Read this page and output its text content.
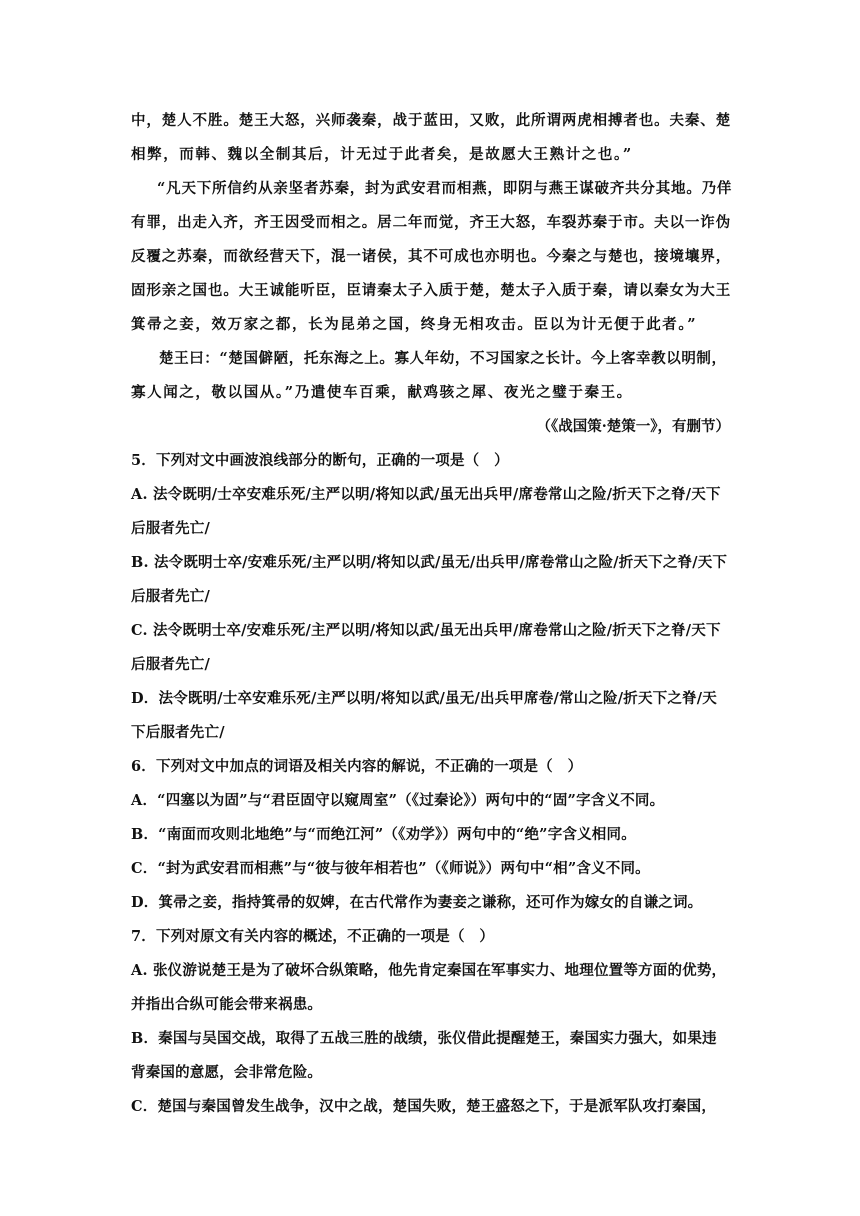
中，楚人不胜。楚王大怒，兴师袭秦，战于蓝田，又败，此所谓两虎相搏者也。夫秦、楚
相弊，而韩、魏以全制其后，计无过于此者矣，是故愿大王熟计之也。”
“凡天下所信约从亲坚者苏秦，封为武安君而相燕，即阴与燕王谋破齐共分其地。乃佯
有罪，出走入齐，齐王因受而相之。居二年而觉，齐王大怒，车裂苏秦于市。夫以一诈伪
反覆之苏秦，而欲经营天下，混一诸侯，其不可成也亦明也。今秦之与楚也，接境壤界，
固形亲之国也。大王诚能听臣，臣请秦太子入质于楚，楚太子入质于秦，请以秦女为大王
箕帚之妾，效万家之都，长为昆弟之国，终身无相攻击。臣以为计无便于此者。”
楚王曰：“楚国僻陋，托东海之上。寡人年幼，不习国家之长计。今上客幸教以明制，
寡人闻之，敬以国从。”乃遣使车百乘，献鸡骇之犀、夜光之璧于秦王。
（《战国策·楚策一》，有删节）
5．下列对文中画波浪线部分的断句，正确的一项是（　）
A. 法令既明/士卒安难乐死/主严以明/将知以武/虽无出兵甲/席卷常山之险/折天下之脊/天下
后服者先亡/
B. 法令既明士卒/安难乐死/主严以明/将知以武/虽无/出兵甲/席卷常山之险/折天下之脊/天下
后服者先亡/
C. 法令既明士卒/安难乐死/主严以明/将知以武/虽无出兵甲/席卷常山之险/折天下之脊/天下
后服者先亡/
D．法令既明/士卒安难乐死/主严以明/将知以武/虽无/出兵甲席卷/常山之险/折天下之脊/天
下后服者先亡/
6．下列对文中加点的词语及相关内容的解说，不正确的一项是（　）
A．“四塞以为固”与“君臣固守以窥周室”（《过秦论》）两句中的“固”字含义不同。
B．“南面而攻则北地绝”与“而绝江河”（《劝学》）两句中的“绝”字含义相同。
C．“封为武安君而相燕”与“彼与彼年相若也”（《师说》）两句中“相”含义不同。
D．箕帚之妾，指持箕帚的奴婢，在古代常作为妻妾之谦称，还可作为嫁女的自谦之词。
7．下列对原文有关内容的概述，不正确的一项是（　）
A. 张仪游说楚王是为了破坏合纵策略，他先肯定秦国在军事实力、地理位置等方面的优势，
并指出合纵可能会带来祸患。
B．秦国与吴国交战，取得了五战三胜的战绩，张仪借此提醒楚王，秦国实力强大，如果违
背秦国的意愿，会非常危险。
C．楚国与秦国曾发生战争，汉中之战，楚国失败，楚王盛怒之下，于是派军队攻打秦国，
